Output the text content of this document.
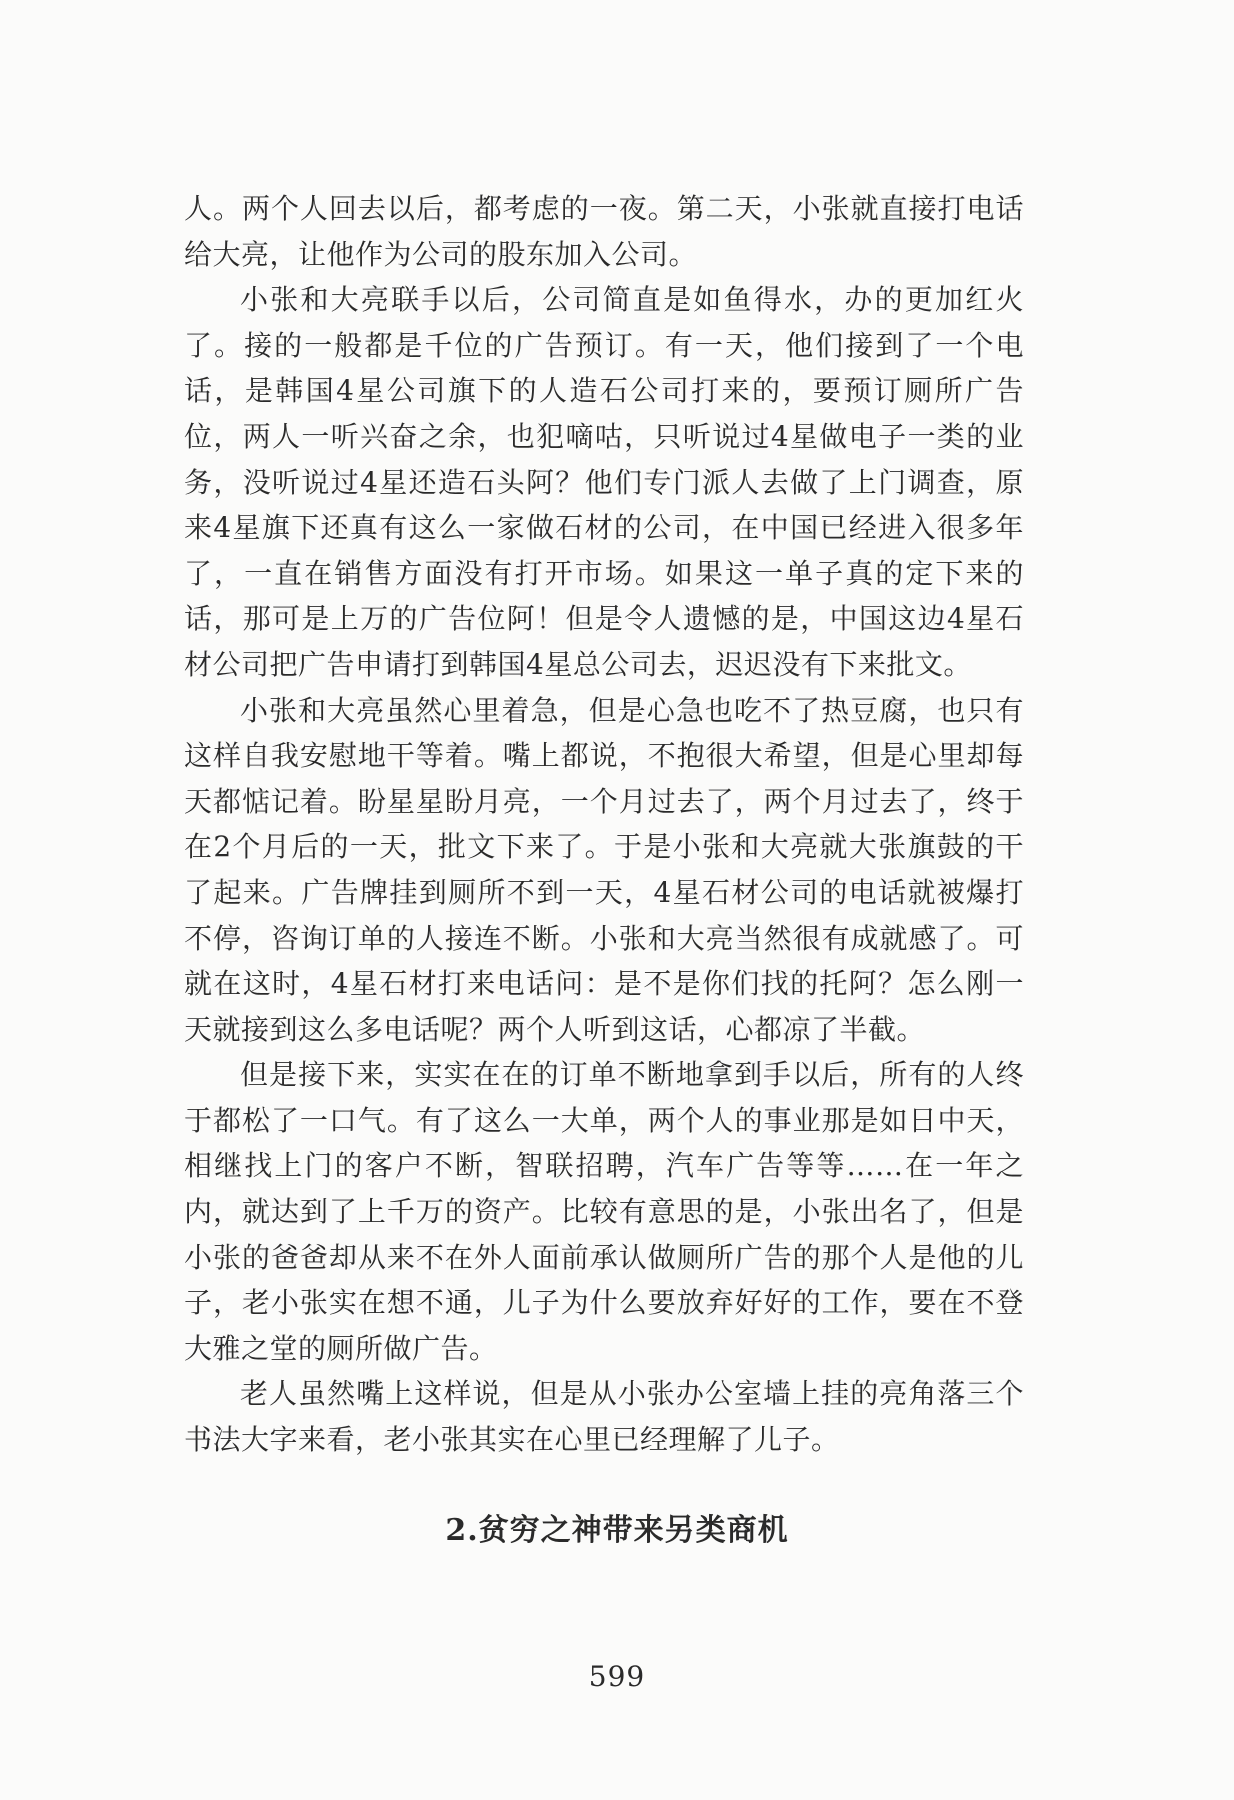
人。两个人回去以后，都考虑的一夜。第二天，小张就直接打电话给大亮，让他作为公司的股东加入公司。

小张和大亮联手以后，公司简直是如鱼得水，办的更加红火了。接的一般都是千位的广告预订。有一天，他们接到了一个电话，是韩国4星公司旗下的人造石公司打来的，要预订厕所广告位，两人一听兴奋之余，也犯嘀咕，只听说过4星做电子一类的业务，没听说过4星还造石头阿？他们专门派人去做了上门调查，原来4星旗下还真有这么一家做石材的公司，在中国已经进入很多年了，一直在销售方面没有打开市场。如果这一单子真的定下来的话，那可是上万的广告位阿！但是令人遗憾的是，中国这边4星石材公司把广告申请打到韩国4星总公司去，迟迟没有下来批文。

小张和大亮虽然心里着急，但是心急也吃不了热豆腐，也只有这样自我安慰地干等着。嘴上都说，不抱很大希望，但是心里却每天都惦记着。盼星星盼月亮，一个月过去了，两个月过去了，终于在2个月后的一天，批文下来了。于是小张和大亮就大张旗鼓的干了起来。广告牌挂到厕所不到一天，4星石材公司的电话就被爆打不停，咨询订单的人接连不断。小张和大亮当然很有成就感了。可就在这时，4星石材打来电话问：是不是你们找的托阿？怎么刚一天就接到这么多电话呢？两个人听到这话，心都凉了半截。

但是接下来，实实在在的订单不断地拿到手以后，所有的人终于都松了一口气。有了这么一大单，两个人的事业那是如日中天，相继找上门的客户不断，智联招聘，汽车广告等等……在一年之内，就达到了上千万的资产。比较有意思的是，小张出名了，但是小张的爸爸却从来不在外人面前承认做厕所广告的那个人是他的儿子，老小张实在想不通，儿子为什么要放弃好好的工作，要在不登大雅之堂的厕所做广告。

老人虽然嘴上这样说，但是从小张办公室墙上挂的亮角落三个书法大字来看，老小张其实在心里已经理解了儿子。

2.贫穷之神带来另类商机
599
